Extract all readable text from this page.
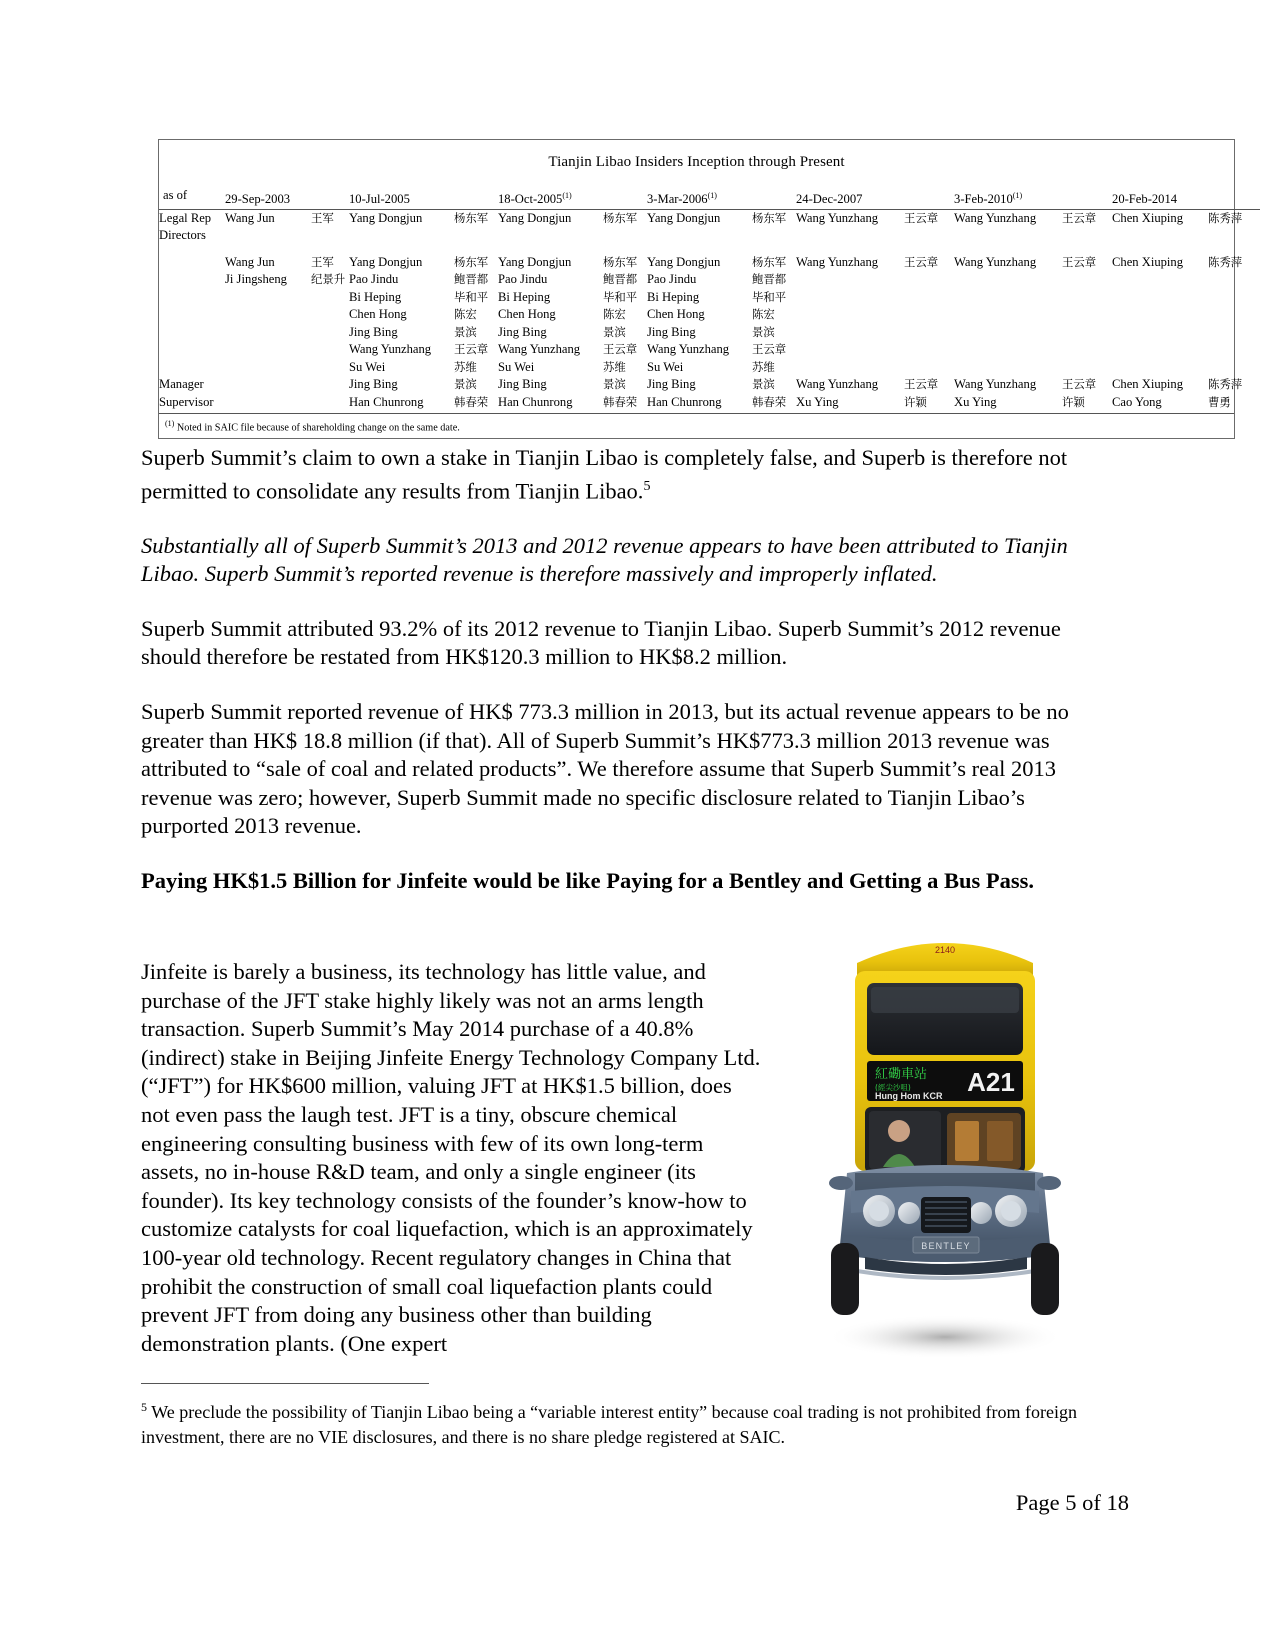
Tianjin Libao Insiders Inception through Present
as of	29-Sep-2003		10-Jul-2005		18-Oct-2005$^{(1)}$		3-Mar-2006$^{(1)}$		24-Dec-2007		3-Feb-2010$^{(1)}$		20-Feb-2014	
Legal Rep	Wang Jun	王军	Yang Dongjun	杨东军	Yang Dongjun	杨东军	Yang Dongjun	杨东军	Wang Yunzhang	王云章	Wang Yunzhang	王云章	Chen Xiuping	陈秀萍
Directors														

	Wang Jun	王军	Yang Dongjun	杨东军	Yang Dongjun	杨东军	Yang Dongjun	杨东军	Wang Yunzhang	王云章	Wang Yunzhang	王云章	Chen Xiuping	陈秀萍
	Ji Jingsheng	纪景升	Pao Jindu	鲍晋都	Pao Jindu	鲍晋都	Pao Jindu	鲍晋都						
			Bi Heping	毕和平	Bi Heping	毕和平	Bi Heping	毕和平						
			Chen Hong	陈宏	Chen Hong	陈宏	Chen Hong	陈宏						
			Jing Bing	景滨	Jing Bing	景滨	Jing Bing	景滨						
			Wang Yunzhang	王云章	Wang Yunzhang	王云章	Wang Yunzhang	王云章						
			Su Wei	苏维	Su Wei	苏维	Su Wei	苏维						
Manager			Jing Bing	景滨	Jing Bing	景滨	Jing Bing	景滨	Wang Yunzhang	王云章	Wang Yunzhang	王云章	Chen Xiuping	陈秀萍
Supervisor			Han Chunrong	韩春荣	Han Chunrong	韩春荣	Han Chunrong	韩春荣	Xu Ying	许颖	Xu Ying	许颖	Cao Yong	曹勇
$^{(1)}$ Noted in SAIC file because of shareholding change on the same date.

Superb Summit’s claim to own a stake in Tianjin Libao is completely false, and Superb is therefore not permitted to consolidate any results from Tianjin Libao.$^5$

Substantially all of Superb Summit’s 2013 and 2012 revenue appears to have been attributed to Tianjin Libao. Superb Summit’s reported revenue is therefore massively and improperly inflated.

Superb Summit attributed 93.2% of its 2012 revenue to Tianjin Libao. Superb Summit’s 2012 revenue should therefore be restated from HK$120.3 million to HK$8.2 million.

Superb Summit reported revenue of HK$ 773.3 million in 2013, but its actual revenue appears to be no greater than HK$ 18.8 million (if that). All of Superb Summit’s HK$773.3 million 2013 revenue was attributed to “sale of coal and related products”. We therefore assume that Superb Summit’s real 2013 revenue was zero; however, Superb Summit made no specific disclosure related to Tianjin Libao’s purported 2013 revenue.

Paying HK$1.5 Billion for Jinfeite would be like Paying for a Bentley and Getting a Bus Pass.

Jinfeite is barely a business, its technology has little value, and purchase of the JFT stake highly likely was not an arms length transaction. Superb Summit’s May 2014 purchase of a 40.8% (indirect) stake in Beijing Jinfeite Energy Technology Company Ltd. (“JFT”) for HK$600 million, valuing JFT at HK$1.5 billion, does not even pass the laugh test. JFT is a tiny, obscure chemical engineering consulting business with few of its own long-term assets, no in-house R&D team, and only a single engineer (its founder). Its key technology consists of the founder’s know-how to customize catalysts for coal liquefaction, which is an approximately 100-year old technology. Recent regulatory changes in China that prohibit the construction of small coal liquefaction plants could prevent JFT from doing any business other than building demonstration plants. (One expert

2140
紅磡車站
(經尖沙咀)
Hung Hom KCR A21
BENTLEY
$^5$ We preclude the possibility of Tianjin Libao being a “variable interest entity” because coal trading is not prohibited from foreign investment, there are no VIE disclosures, and there is no share pledge registered at SAIC.
Page 5 of 18
